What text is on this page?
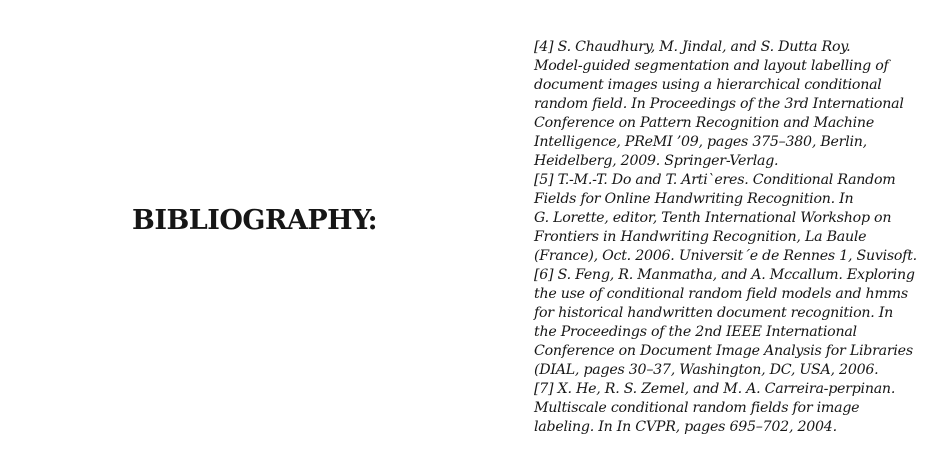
BIBLIOGRAPHY:
[4] S. Chaudhury, M. Jindal, and S. Dutta Roy.
Model-guided segmentation and layout labelling of
document images using a hierarchical conditional
random field. In Proceedings of the 3rd International
Conference on Pattern Recognition and Machine
Intelligence, PReMI ’09, pages 375–380, Berlin,
Heidelberg, 2009. Springer-Verlag.
[5] T.-M.-T. Do and T. Arti`eres. Conditional Random
Fields for Online Handwriting Recognition. In
G. Lorette, editor, Tenth International Workshop on
Frontiers in Handwriting Recognition, La Baule
(France), Oct. 2006. Universit´e de Rennes 1, Suvisoft.
[6] S. Feng, R. Manmatha, and A. Mccallum. Exploring
the use of conditional random field models and hmms
for historical handwritten document recognition. In
the Proceedings of the 2nd IEEE International
Conference on Document Image Analysis for Libraries
(DIAL, pages 30–37, Washington, DC, USA, 2006.
[7] X. He, R. S. Zemel, and M. A. Carreira-perpinan.
Multiscale conditional random fields for image
labeling. In In CVPR, pages 695–702, 2004.
